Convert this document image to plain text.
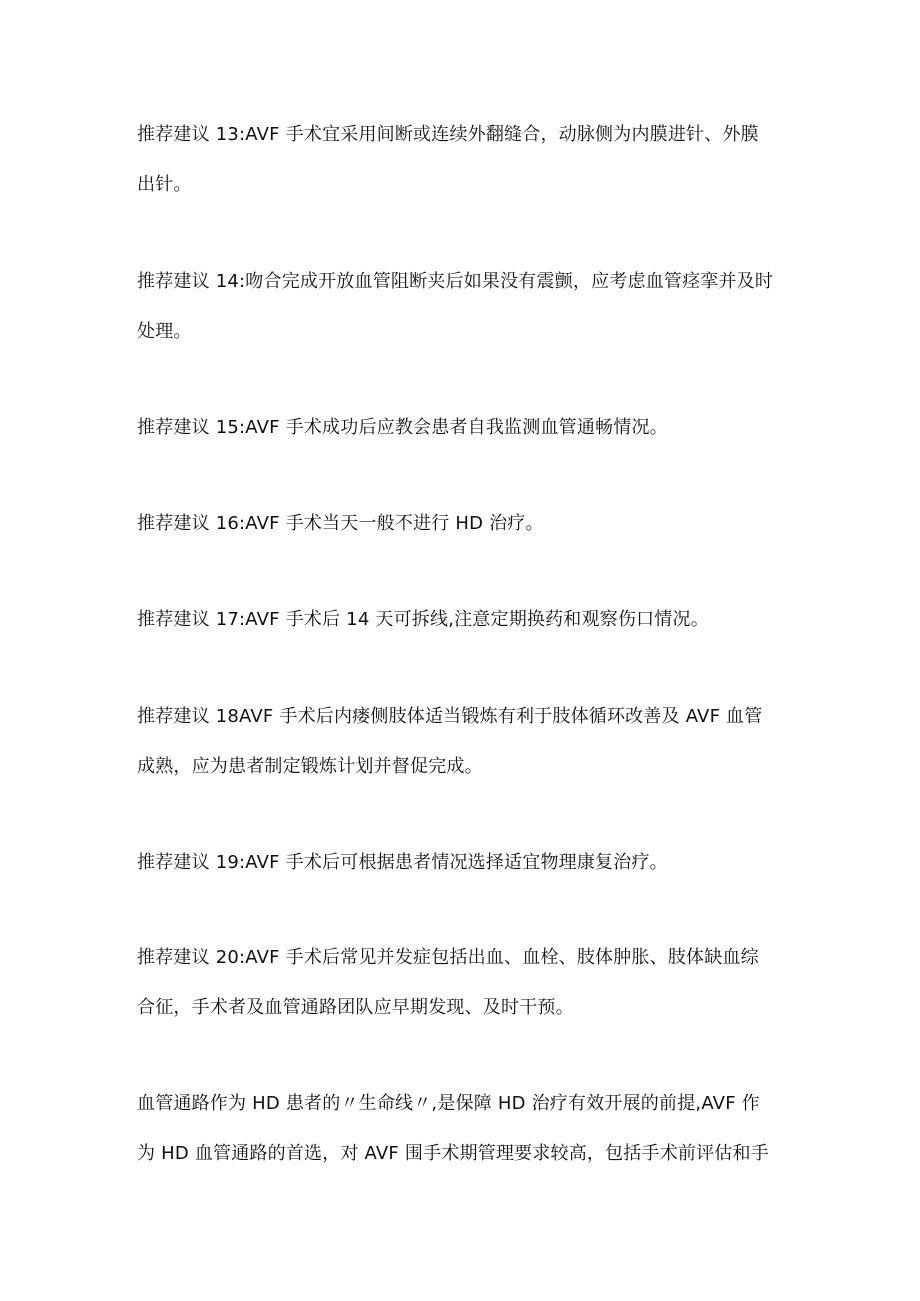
推荐建议 13:AVF 手术宜采用间断或连续外翻缝合，动脉侧为内膜进针、外膜
出针。
推荐建议 14:吻合完成开放血管阻断夹后如果没有震颤，应考虑血管痉挛并及时
处理。
推荐建议 15:AVF 手术成功后应教会患者自我监测血管通畅情况。
推荐建议 16:AVF 手术当天一般不进行 HD 治疗。
推荐建议 17:AVF 手术后 14 天可拆线,注意定期换药和观察伤口情况。
推荐建议 18AVF 手术后内瘘侧肢体适当锻炼有利于肢体循环改善及 AVF 血管
成熟，应为患者制定锻炼计划并督促完成。
推荐建议 19:AVF 手术后可根据患者情况选择适宜物理康复治疗。
推荐建议 20:AVF 手术后常见并发症包括出血、血栓、肢体肿胀、肢体缺血综
合征，手术者及血管通路团队应早期发现、及时干预。
血管通路作为 HD 患者的〃生命线〃,是保障 HD 治疗有效开展的前提,AVF 作
为 HD 血管通路的首选，对 AVF 围手术期管理要求较高，包括手术前评估和手
